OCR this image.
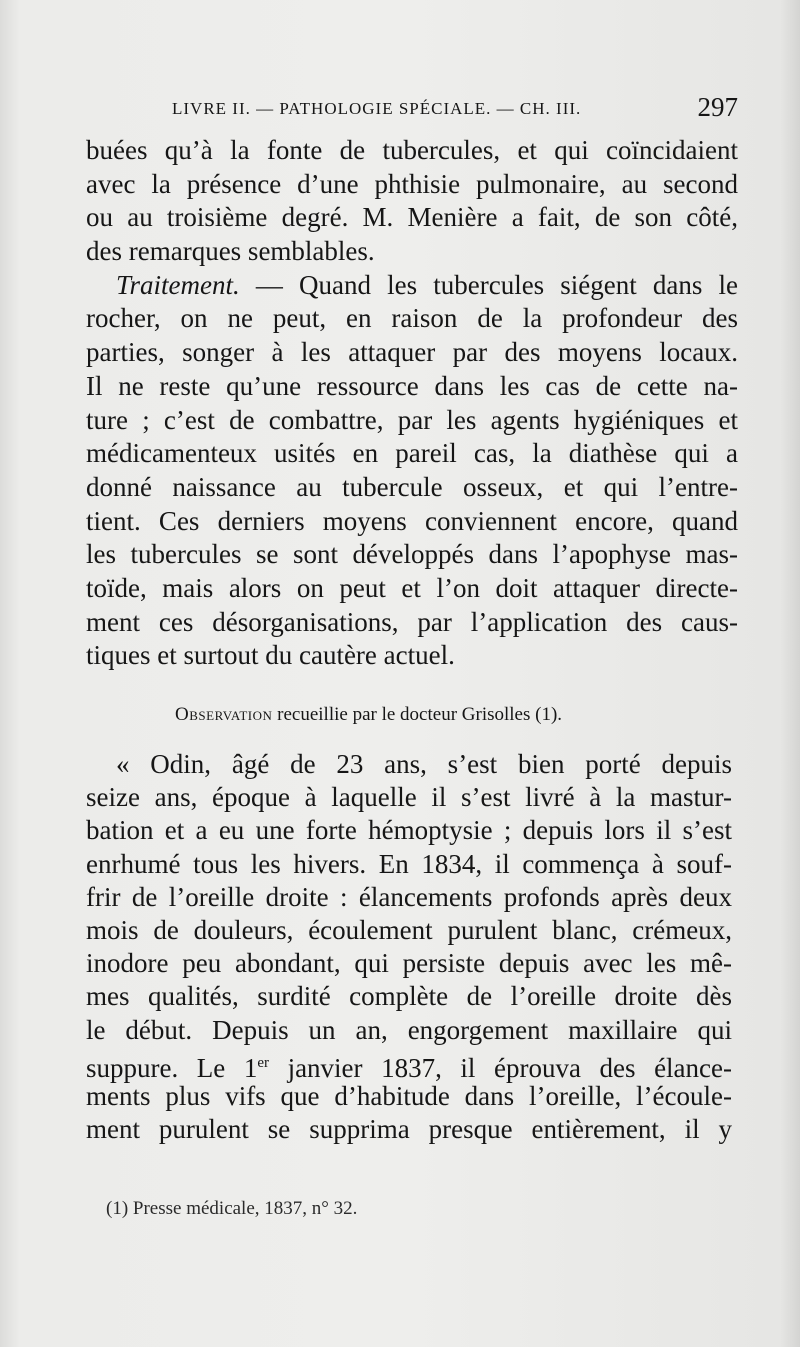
LIVRE II. — PATHOLOGIE SPÉCIALE. — CH. III.	297
buées qu’à la fonte de tubercules, et qui coïncidaient
avec la présence d’une phthisie pulmonaire, au second
ou au troisième degré. M. Menière a fait, de son côté,
des remarques semblables.
Traitement. — Quand les tubercules siégent dans le
rocher, on ne peut, en raison de la profondeur des
parties, songer à les attaquer par des moyens locaux.
Il ne reste qu’une ressource dans les cas de cette na-
ture ; c’est de combattre, par les agents hygiéniques et
médicamenteux usités en pareil cas, la diathèse qui a
donné naissance au tubercule osseux, et qui l’entre-
tient. Ces derniers moyens conviennent encore, quand
les tubercules se sont développés dans l’apophyse mas-
toïde, mais alors on peut et l’on doit attaquer directe-
ment ces désorganisations, par l’application des caus-
tiques et surtout du cautère actuel.
Observation recueillie par le docteur Grisolles (1).
« Odin, âgé de 23 ans, s’est bien porté depuis
seize ans, époque à laquelle il s’est livré à la mastur-
bation et a eu une forte hémoptysie ; depuis lors il s’est
enrhumé tous les hivers. En 1834, il commença à souf-
frir de l’oreille droite : élancements profonds après deux
mois de douleurs, écoulement purulent blanc, crémeux,
inodore peu abondant, qui persiste depuis avec les mê-
mes qualités, surdité complète de l’oreille droite dès
le début. Depuis un an, engorgement maxillaire qui
suppure. Le 1er janvier 1837, il éprouva des élance-
ments plus vifs que d’habitude dans l’oreille, l’écoule-
ment purulent se supprima presque entièrement, il y
(1) Presse médicale, 1837, n° 32.
